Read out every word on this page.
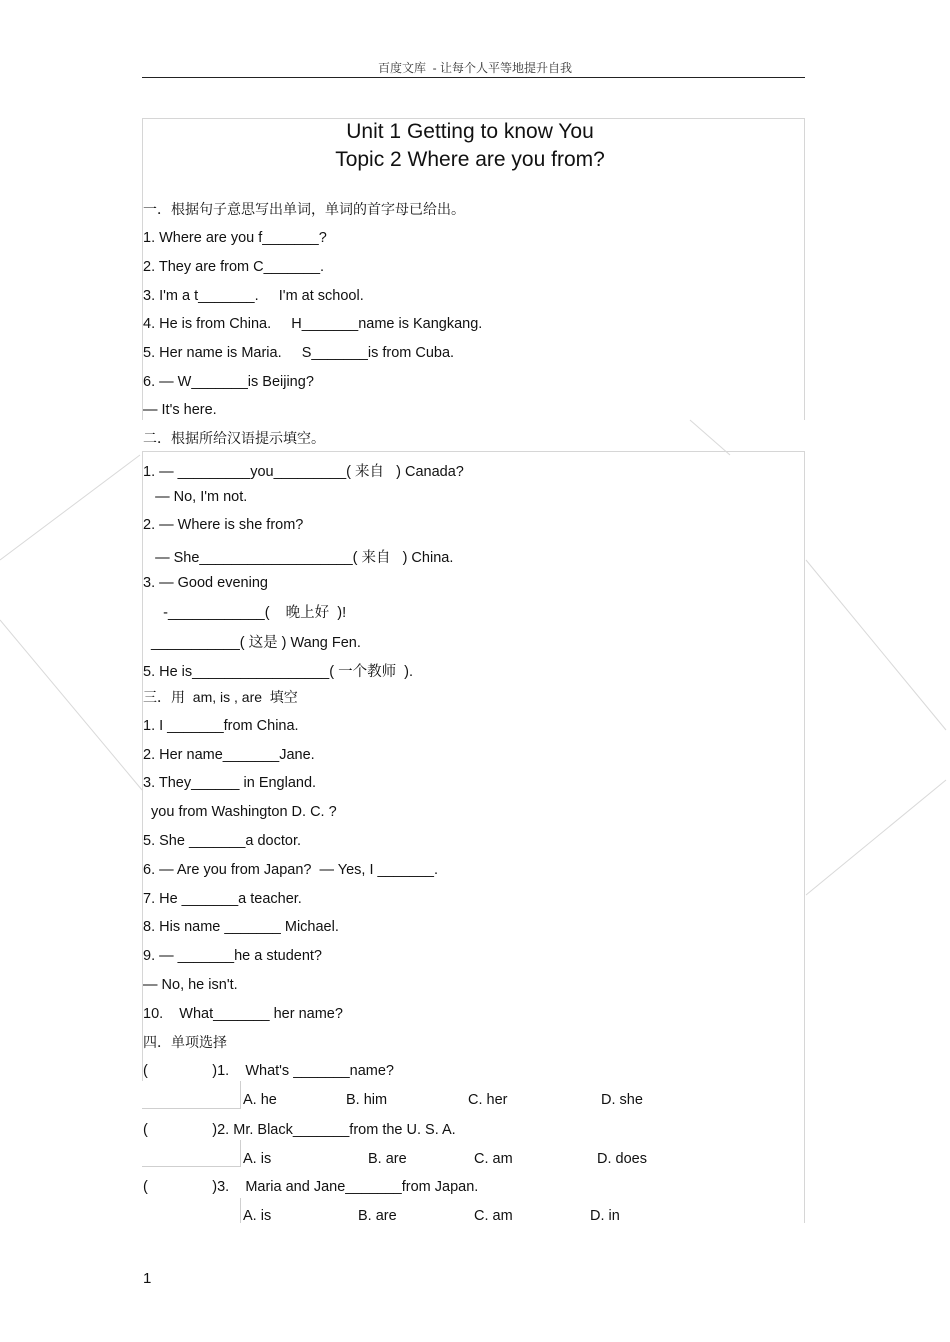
百度文库  - 让每个人平等地提升自我
Unit 1 Getting to know You
Topic 2 Where are you from?
一．根据句子意思写出单词，单词的首字母已给出。
1. Where are you f_______?
2. They are from C_______.
3. I'm a t_______.     I'm at school.
4. He is from China.     H_______name is Kangkang.
5. Her name is Maria.     S_______is from Cuba.
6. — W_______is Beijing?
— It's here.
二．根据所给汉语提示填空。
1. — _________you_________( 来自   ) Canada?
— No, I'm not.
2. — Where is she from?
— She___________________( 来自   ) China.
3. — Good evening
-____________(    晚上好  )!
___________( 这是 ) Wang Fen.
5. He is_________________( 一个教师  ).
三．用  am, is , are  填空
1. I _______from China.
2. Her name_______Jane.
3. They______ in England.
you from Washington D. C. ?
5. She _______a doctor.
6. — Are you from Japan?  — Yes, I _______.
7. He _______a teacher.
8. His name _______ Michael.
9. — _______he a student?
— No, he isn't.
10.    What_______ her name?
四．单项选择
(                )1.    What's _______name?
A. he	B. him	C. her	D. she
(                )2. Mr. Black_______from the U. S. A.
A. is	B. are	C. am	D. does
(                )3.    Maria and Jane_______from Japan.
A. is	B. are	C. am	D. in
1
